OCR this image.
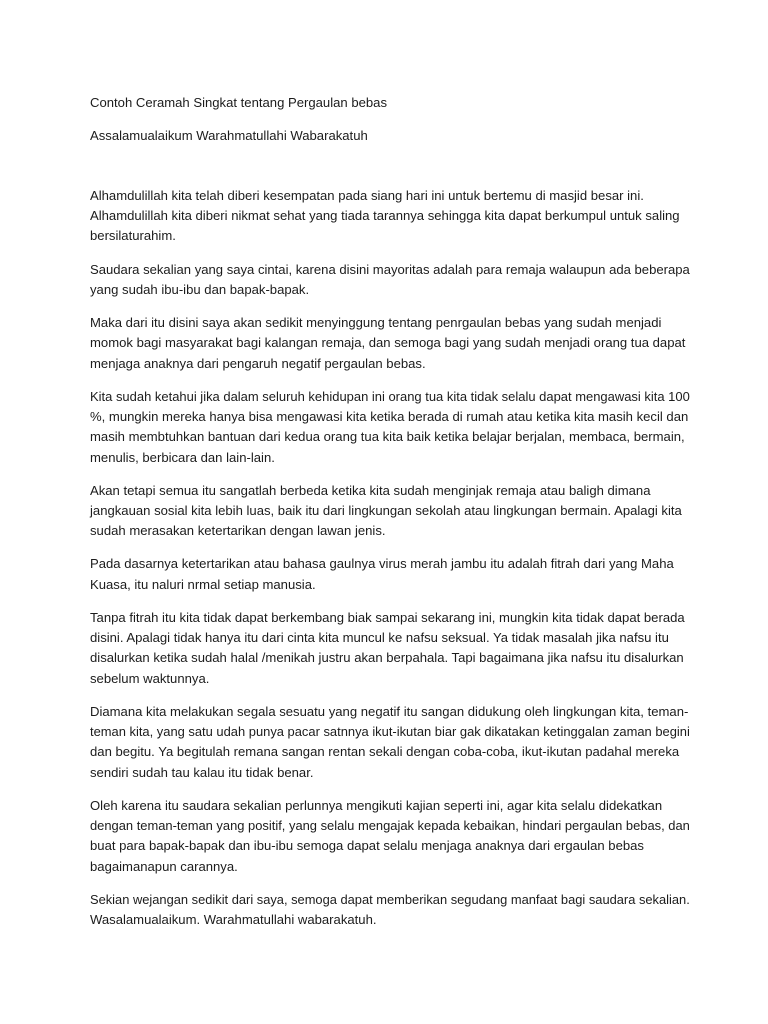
Contoh Ceramah Singkat tentang Pergaulan bebas

Assalamualaikum Warahmatullahi Wabarakatuh

Alhamdulillah kita telah diberi kesempatan pada siang hari ini untuk bertemu di masjid besar ini.
Alhamdulillah kita diberi nikmat sehat yang tiada tarannya sehingga kita dapat berkumpul untuk saling
bersilaturahim.

Saudara sekalian yang saya cintai, karena disini mayoritas adalah para remaja walaupun ada beberapa
yang sudah ibu-ibu dan bapak-bapak.

Maka dari itu disini saya akan sedikit menyinggung tentang penrgaulan bebas yang sudah menjadi
momok bagi masyarakat bagi kalangan remaja, dan semoga bagi yang sudah menjadi orang tua dapat
menjaga anaknya dari pengaruh negatif pergaulan bebas.

Kita sudah ketahui jika dalam seluruh kehidupan ini orang tua kita tidak selalu dapat mengawasi kita 100
%, mungkin mereka hanya bisa mengawasi kita ketika berada di rumah atau ketika kita masih kecil dan
masih membtuhkan bantuan dari kedua orang tua kita baik ketika belajar berjalan, membaca, bermain,
menulis, berbicara dan lain-lain.

Akan tetapi semua itu sangatlah berbeda ketika kita sudah menginjak remaja atau baligh dimana
jangkauan sosial kita lebih luas, baik itu dari lingkungan sekolah atau lingkungan bermain. Apalagi kita
sudah merasakan ketertarikan dengan lawan jenis.

Pada dasarnya ketertarikan atau bahasa gaulnya virus merah jambu itu adalah fitrah dari yang Maha
Kuasa, itu naluri nrmal setiap manusia.

Tanpa fitrah itu kita tidak dapat berkembang biak sampai sekarang ini, mungkin kita tidak dapat berada
disini. Apalagi tidak hanya itu dari cinta kita muncul ke nafsu seksual. Ya tidak masalah jika nafsu itu
disalurkan ketika sudah halal /menikah justru akan berpahala. Tapi bagaimana jika nafsu itu disalurkan
sebelum waktunnya.

Diamana kita melakukan segala sesuatu yang negatif itu sangan didukung oleh lingkungan kita, teman-
teman kita, yang satu udah punya pacar satnnya ikut-ikutan biar gak dikatakan ketinggalan zaman begini
dan begitu. Ya begitulah remana sangan rentan sekali dengan coba-coba, ikut-ikutan padahal mereka
sendiri sudah tau kalau itu tidak benar.

Oleh karena itu saudara sekalian perlunnya mengikuti kajian seperti ini, agar kita selalu didekatkan
dengan teman-teman yang positif, yang selalu mengajak kepada kebaikan, hindari pergaulan bebas, dan
buat para bapak-bapak dan ibu-ibu semoga dapat selalu menjaga anaknya dari ergaulan bebas
bagaimanapun carannya.

Sekian wejangan sedikit dari saya, semoga dapat memberikan segudang manfaat bagi saudara sekalian.
Wasalamualaikum. Warahmatullahi wabarakatuh.
